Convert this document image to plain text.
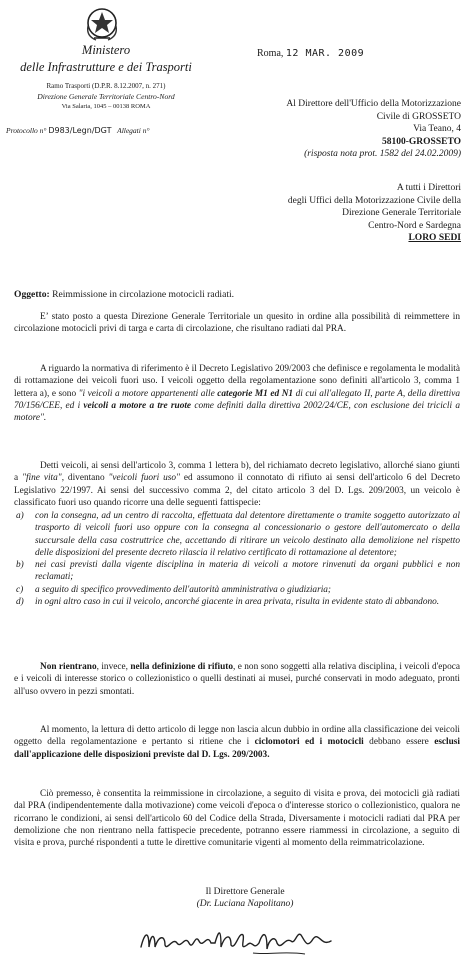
Ministero
delle Infrastrutture e dei Trasporti
Ramo Trasporti (D.P.R. 8.12.2007, n. 271)
Direzione Generale Territoriale Centro-Nord
Via Salaria, 1045 – 00138 ROMA
Protocollo n° D983/Legn/DGT Allegati n°
Roma, 12 MAR. 2009
Al Direttore dell'Ufficio della Motorizzazione
Civile di GROSSETO
Via Teano, 4
58100-GROSSETO
(risposta nota prot. 1582 del 24.02.2009)
A tutti i Direttori
degli Uffici della Motorizzazione Civile della
Direzione Generale Territoriale
Centro-Nord e Sardegna
LORO SEDI
Oggetto: Reimmissione in circolazione motocicli radiati.

E’ stato posto a questa Direzione Generale Territoriale un quesito in ordine alla possibilità di reimmettere in circolazione motocicli privi di targa e carta di circolazione, che risultano radiati dal PRA.

A riguardo la normativa di riferimento è il Decreto Legislativo 209/2003 che definisce e regolamenta le modalità di rottamazione dei veicoli fuori uso. I veicoli oggetto della regolamentazione sono definiti all'articolo 3, comma 1 lettera a), e sono "i veicoli a motore appartenenti alle categorie M1 ed N1 di cui all'allegato II, parte A, della direttiva 70/156/CEE, ed i veicoli a motore a tre ruote come definiti dalla direttiva 2002/24/CE, con esclusione dei tricicli a motore".

Detti veicoli, ai sensi dell'articolo 3, comma 1 lettera b), del richiamato decreto legislativo, allorché siano giunti a "fine vita", diventano "veicoli fuori uso" ed assumono il connotato di rifiuto ai sensi dell'articolo 6 del Decreto Legislativo 22/1997. Ai sensi del successivo comma 2, del citato articolo 3 del D. Lgs. 209/2003, un veicolo è classificato fuori uso quando ricorre una delle seguenti fattispecie:

a)	con la consegna, ad un centro di raccolta, effettuata dal detentore direttamente o tramite soggetto autorizzato al trasporto di veicoli fuori uso oppure con la consegna al concessionario o gestore dell'automercato o della succursale della casa costruttrice che, accettando di ritirare un veicolo destinato alla demolizione nel rispetto delle disposizioni del presente decreto rilascia il relativo certificato di rottamazione al detentore;
b)	nei casi previsti dalla vigente disciplina in materia di veicoli a motore rinvenuti da organi pubblici e non reclamati;
c)	a seguito di specifico provvedimento dell'autorità amministrativa o giudiziaria;
d)	in ogni altro caso in cui il veicolo, ancorché giacente in area privata, risulta in evidente stato di abbandono.

Non rientrano, invece, nella definizione di rifiuto, e non sono soggetti alla relativa disciplina, i veicoli d'epoca e i veicoli di interesse storico o collezionistico o quelli destinati ai musei, purché conservati in modo adeguato, pronti all'uso ovvero in pezzi smontati.

Al momento, la lettura di detto articolo di legge non lascia alcun dubbio in ordine alla classificazione dei veicoli oggetto della regolamentazione e pertanto si ritiene che i ciclomotori ed i motocicli debbano essere esclusi dall'applicazione delle disposizioni previste dal D. Lgs. 209/2003.

Ciò premesso, è consentita la reimmissione in circolazione, a seguito di visita e prova, dei motocicli già radiati dal PRA (indipendentemente dalla motivazione) come veicoli d'epoca o d'interesse storico o collezionistico, qualora ne ricorrano le condizioni, ai sensi dell'articolo 60 del Codice della Strada, Diversamente i motocicli radiati dal PRA per demolizione che non rientrano nella fattispecie precedente, potranno essere riammessi in circolazione, a seguito di visita e prova, purché rispondenti a tutte le direttive comunitarie vigenti al momento della reimmatricolazione.

Il Direttore Generale
(Dr. Luciana Napolitano)
